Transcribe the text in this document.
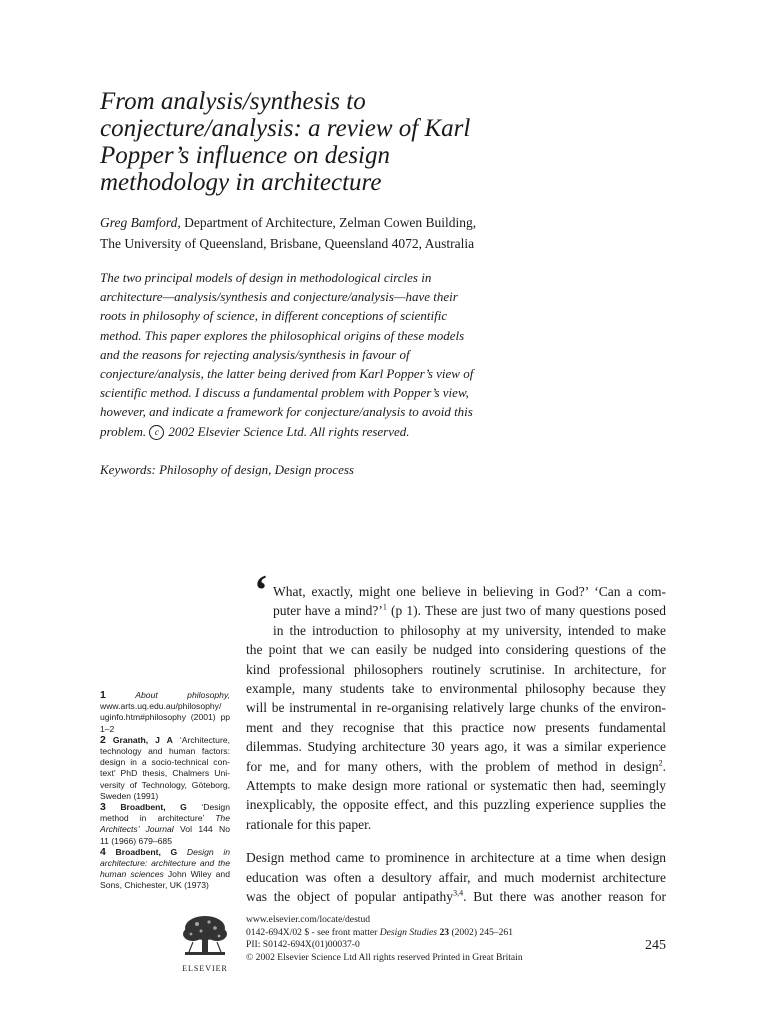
From analysis/synthesis to
conjecture/analysis: a review of Karl
Popper’s influence on design
methodology in architecture
Greg Bamford, Department of Architecture, Zelman Cowen Building,
The University of Queensland, Brisbane, Queensland 4072, Australia
The two principal models of design in methodological circles in
architecture—analysis/synthesis and conjecture/analysis—have their
roots in philosophy of science, in different conceptions of scientific
method. This paper explores the philosophical origins of these models
and the reasons for rejecting analysis/synthesis in favour of
conjecture/analysis, the latter being derived from Karl Popper’s view of
scientific method. I discuss a fundamental problem with Popper’s view,
however, and indicate a framework for conjecture/analysis to avoid this
problem. c 2002 Elsevier Science Ltd. All rights reserved.
Keywords: Philosophy of design, Design process
‘ What, exactly, might one believe in believing in God?’ ‘Can a com-
puter have a mind?’$^1$ (p 1). These are just two of many questions posed
in the introduction to philosophy at my university, intended to make
the point that we can easily be nudged into considering questions of the
kind professional philosophers routinely scrutinise. In architecture, for
example, many students take to environmental philosophy because they
will be instrumental in re-organising relatively large chunks of the environ-
ment and they recognise that this practice now presents fundamental
dilemmas. Studying architecture 30 years ago, it was a similar experience
for me, and for many others, with the problem of method in design$^2$.
Attempts to make design more rational or systematic then had, seemingly
inexplicably, the opposite effect, and this puzzling experience supplies the
rationale for this paper.
Design method came to prominence in architecture at a time when design
education was often a desultory affair, and much modernist architecture
was the object of popular antipathy$^{3,4}$. But there was another reason for
1	About philosophy,
www.arts.uq.edu.au/philosophy/
uginfo.htm#philosophy (2001) pp
1–2
2 Granath, J A ‘Architecture,
technology and human factors:
design in a socio-technical con-
text’ PhD thesis, Chalmers Uni-
versity of Technology, Göteborg,
Sweden (1991)
3 Broadbent, G ‘Design
method in architecture’ The
Architects’ Journal Vol 144 No
11 (1966) 679–685
4 Broadbent, G Design in
architecture: architecture and the
human sciences John Wiley and
Sons, Chichester, UK (1973)
ELSEVIER
www.elsevier.com/locate/destud
0142-694X/02 $ - see front matter Design Studies 23 (2002) 245–261
PII: S0142-694X(01)00037-0
© 2002 Elsevier Science Ltd All rights reserved Printed in Great Britain
245
